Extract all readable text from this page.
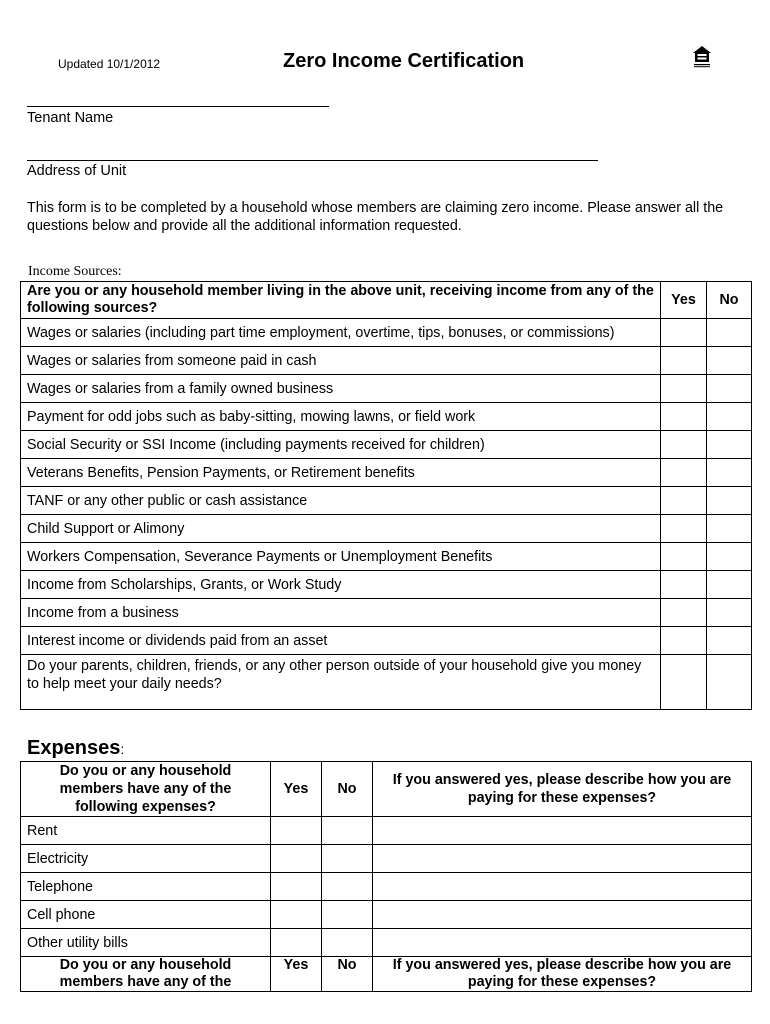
Updated 10/1/2012	Zero Income Certification
Tenant Name
Address of Unit
This form is to be completed by a household whose members are claiming zero income. Please answer all the questions below and provide all the additional information requested.
Income Sources:
Are you or any household member living in the above unit, receiving income from any of the following sources?	Yes	No
Wages or salaries (including part time employment, overtime, tips, bonuses, or commissions)		
Wages or salaries from someone paid in cash		
Wages or salaries from a family owned business		
Payment for odd jobs such as baby-sitting, mowing lawns, or field work		
Social Security or SSI Income (including payments received for children)		
Veterans Benefits, Pension Payments, or Retirement benefits		
TANF or any other public or cash assistance		
Child Support or Alimony		
Workers Compensation, Severance Payments or Unemployment Benefits		
Income from Scholarships, Grants, or Work Study		
Income from a business		
Interest income or dividends paid from an asset		
Do your parents, children, friends, or any other person outside of your household give you money to help meet your daily needs?		
Expenses:
Do you or any household members have any of the following expenses?	Yes	No	If you answered yes, please describe how you are paying for these expenses?
Rent			
Electricity			
Telephone			
Cell phone			
Other utility bills			
Do you or any household members have any of the	Yes	No	If you answered yes, please describe how you are paying for these expenses?
